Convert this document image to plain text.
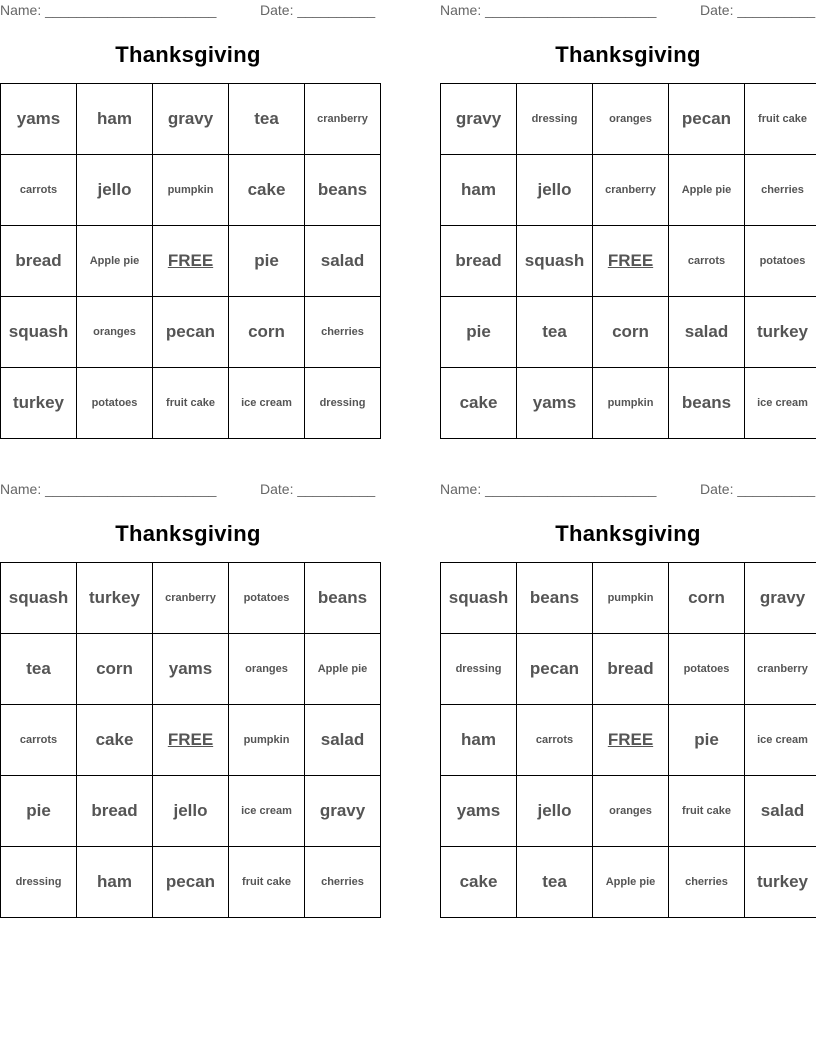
Name: ______________________	Date: __________
Thanksgiving
yams	ham	gravy	tea	cranberry
carrots	jello	pumpkin	cake	beans
bread	Apple pie	FREE	pie	salad
squash	oranges	pecan	corn	cherries
turkey	potatoes	fruit cake	ice cream	dressing
Name: ______________________	Date: __________
Thanksgiving
gravy	dressing	oranges	pecan	fruit cake
ham	jello	cranberry	Apple pie	cherries
bread	squash	FREE	carrots	potatoes
pie	tea	corn	salad	turkey
cake	yams	pumpkin	beans	ice cream
Name: ______________________	Date: __________
Thanksgiving
squash	turkey	cranberry	potatoes	beans
tea	corn	yams	oranges	Apple pie
carrots	cake	FREE	pumpkin	salad
pie	bread	jello	ice cream	gravy
dressing	ham	pecan	fruit cake	cherries
Name: ______________________	Date: __________
Thanksgiving
squash	beans	pumpkin	corn	gravy
dressing	pecan	bread	potatoes	cranberry
ham	carrots	FREE	pie	ice cream
yams	jello	oranges	fruit cake	salad
cake	tea	Apple pie	cherries	turkey
